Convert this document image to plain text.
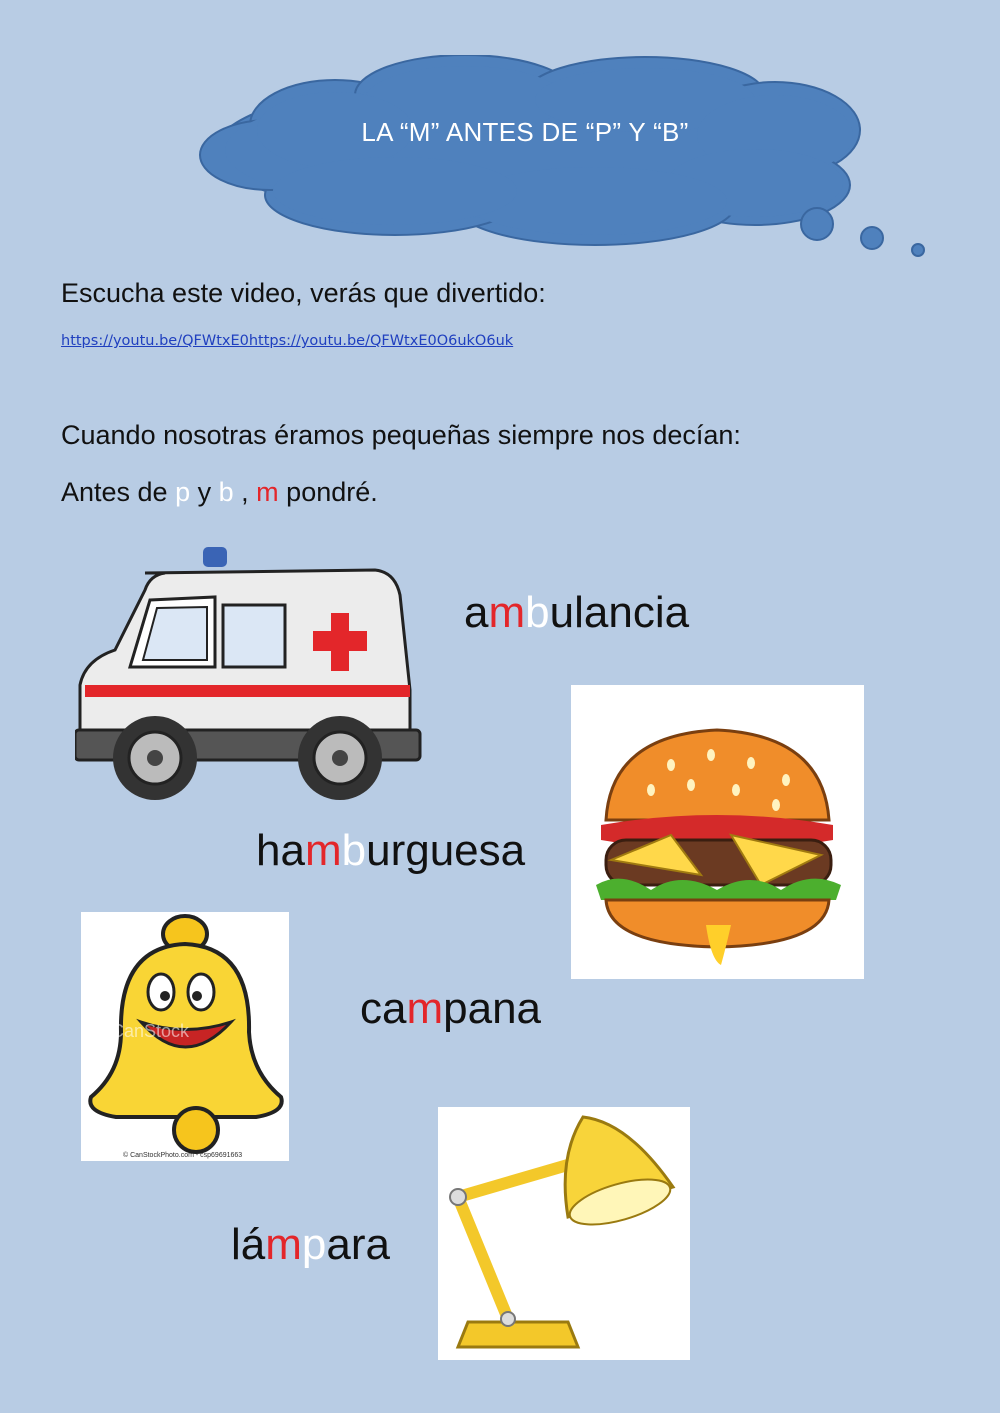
LA “M” ANTES DE “P” Y “B”
Escucha este video, verás que divertido:
https://youtu.be/QFWtxE0https://youtu.be/QFWtxE0O6ukO6uk
Cuando nosotras éramos pequeñas siempre nos decían:
Antes de p y b , m pondré.
ambulancia
hamburguesa
CanStock
© CanStockPhoto.com - csp69691663
campana
iStock
by Getty Images
lámpara
